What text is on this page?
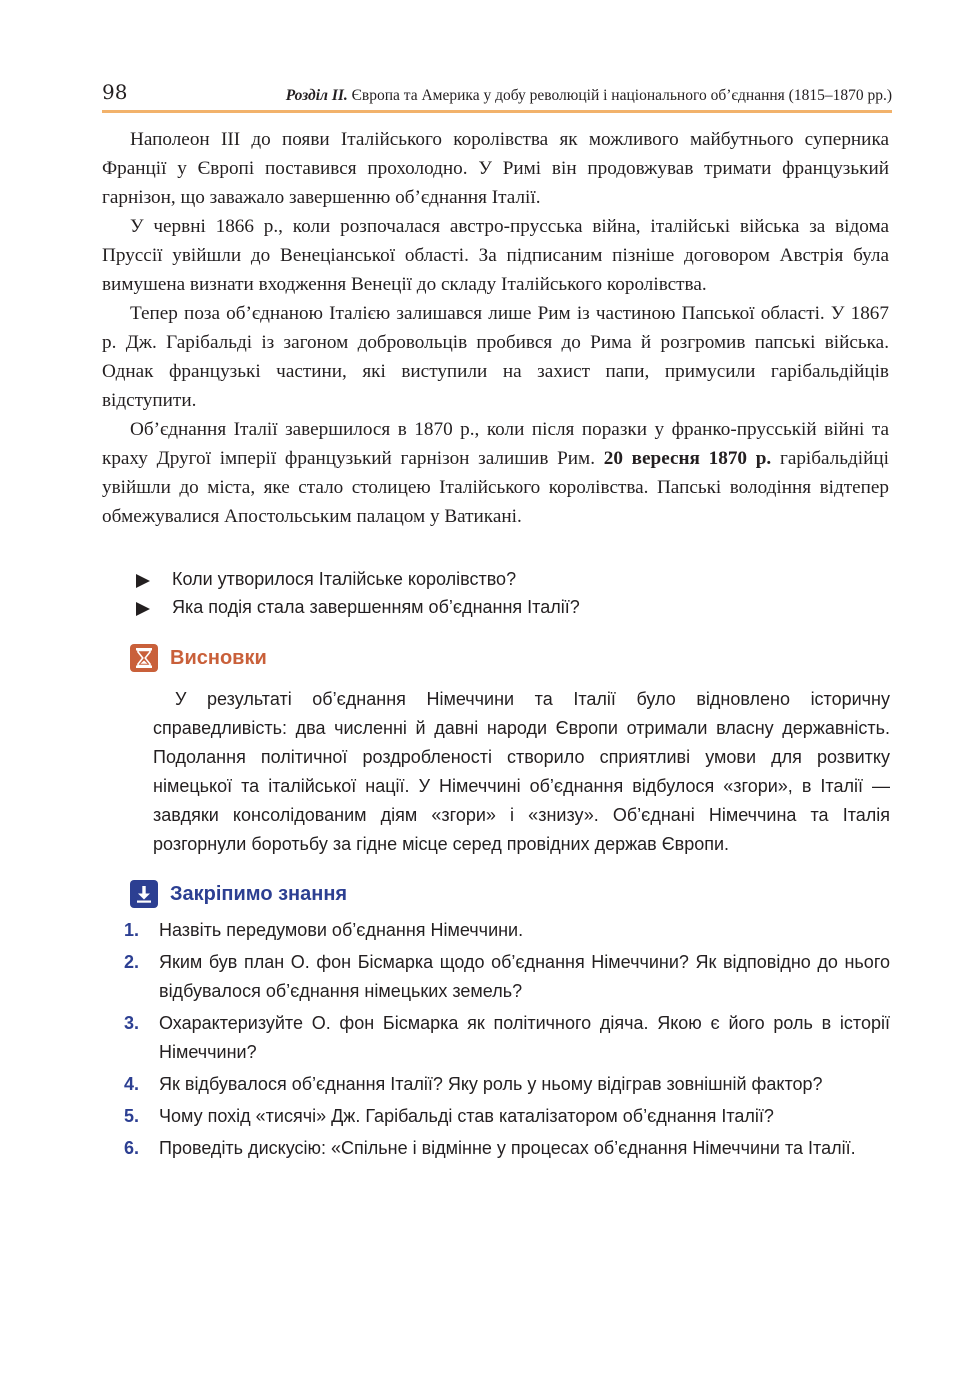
98	Розділ ІІ. Європа та Америка у добу революцій і національного об’єднання (1815–1870 рр.)

Наполеон ІІІ до появи Італійського королівства як можливого майбутнього суперника Франції у Європі поставився прохолодно. У Римі він продовжував тримати французький гарнізон, що заважало завершенню об’єднання Італії.

У червні 1866 р., коли розпочалася австро-прусська війна, італійські війська за відома Пруссії увійшли до Венеціанської області. За підписаним пізніше договором Австрія була вимушена визнати входження Венеції до складу Італійського королівства.

Тепер поза об’єднаною Італією залишався лише Рим із частиною Папської області. У 1867 р. Дж. Гарібальді із загоном добровольців пробився до Рима й розгромив папські війська. Однак французькі частини, які виступили на захист папи, примусили гарібальдійців відступити.

Об’єднання Італії завершилося в 1870 р., коли після поразки у франко-прусській війні та краху Другої імперії французький гарнізон залишив Рим. 20 вересня 1870 р. гарібальдійці увійшли до міста, яке стало столицею Італійського королівства. Папські володіння відтепер обмежувалися Апостольським палацом у Ватикані.

Коли утворилося Італійське королівство?
Яка подія стала завершенням об’єднання Італії?
Висновки

У результаті об’єднання Німеччини та Італії було відновлено історичну справедливість: два численні й давні народи Європи отримали власну державність. Подолання політичної роздробленості створило сприятливі умови для розвитку німецької та італійської нації. У Німеччині об’єднання відбулося «згори», в Італії — завдяки консолідованим діям «згори» і «знизу». Об’єднані Німеччина та Італія розгорнули боротьбу за гідне місце серед провідних держав Європи.

Закріпимо знання
1. Назвіть передумови об’єднання Німеччини.
2. Яким був план О. фон Бісмарка щодо об’єднання Німеччини? Як відповідно до нього відбувалося об’єднання німецьких земель?
3. Охарактеризуйте О. фон Бісмарка як політичного діяча. Якою є його роль в історії Німеччини?
4. Як відбувалося об’єднання Італії? Яку роль у ньому відіграв зовнішній фактор?
5. Чому похід «тисячі» Дж. Гарібальді став каталізатором об’єднання Італії?
6. Проведіть дискусію: «Спільне і відмінне у процесах об’єднання Німеччини та Італії.
